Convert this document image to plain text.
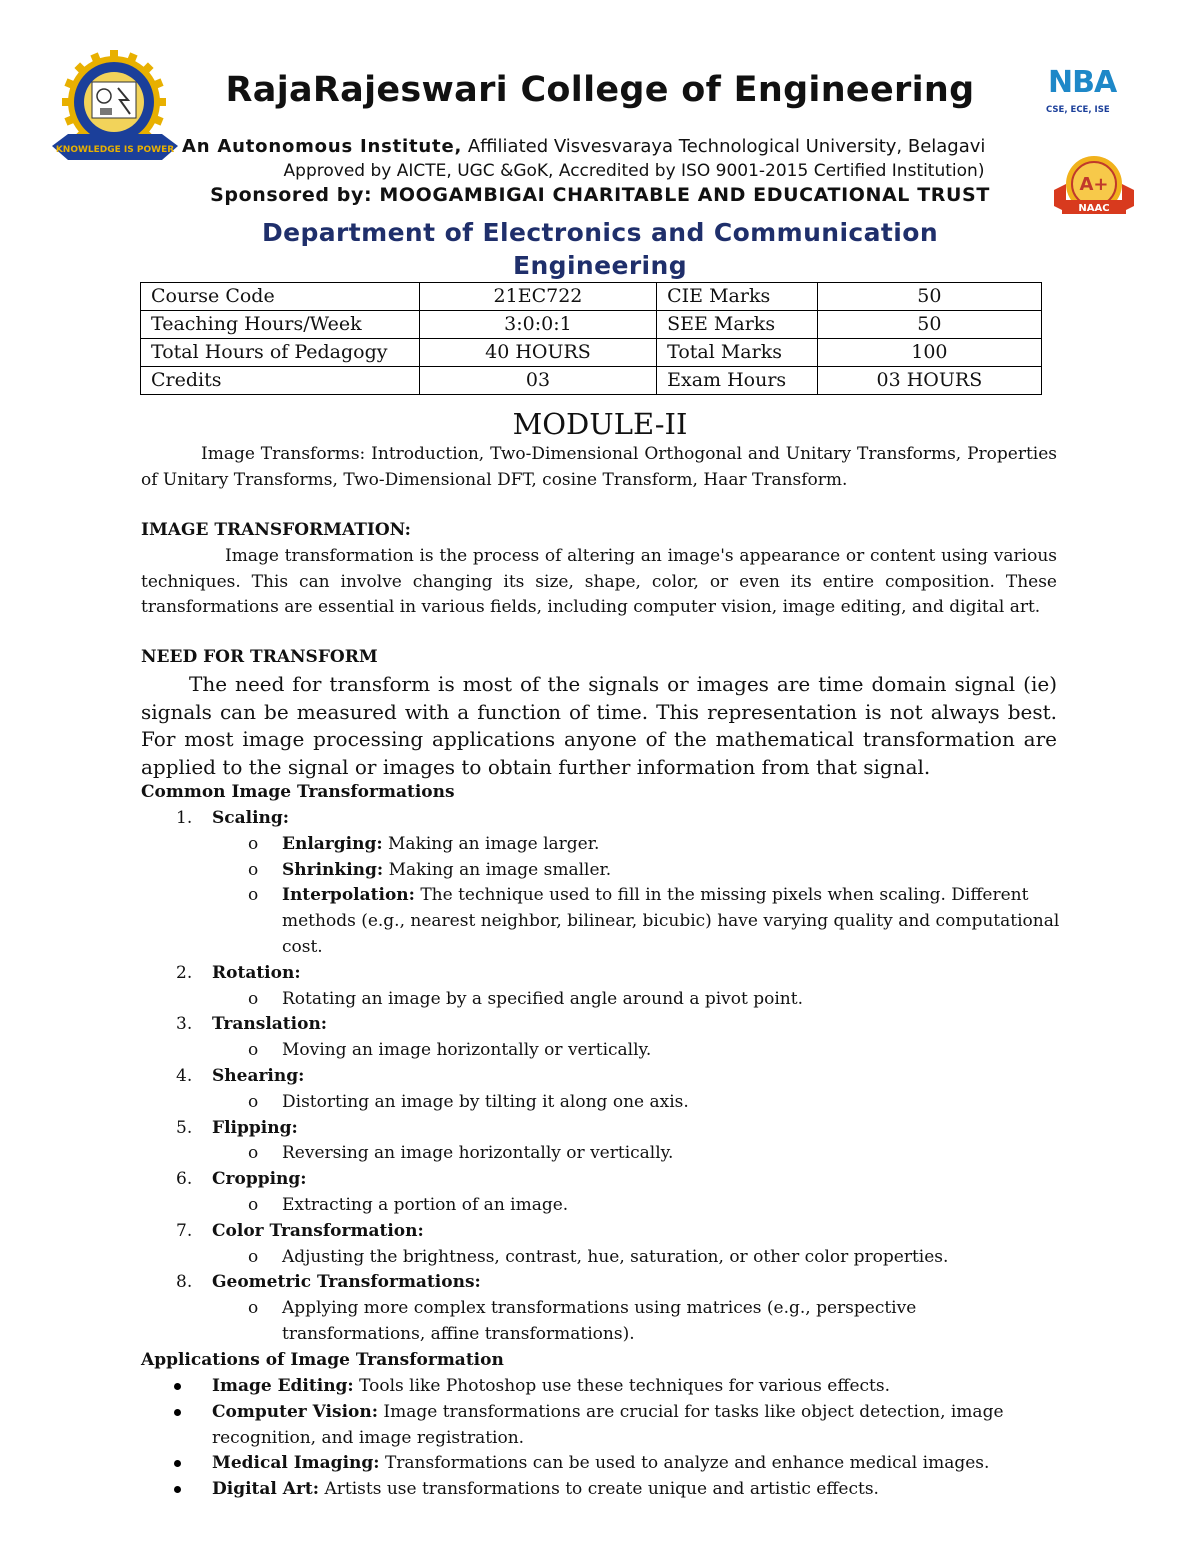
KNOWLEDGE IS POWER
NBA
CSE, ECE, ISE
A+
NAAC
RajaRajeswari College of Engineering
An Autonomous Institute, Affiliated Visvesvaraya Technological University, Belagavi
Approved by AICTE, UGC &GoK, Accredited by ISO 9001-2015 Certified Institution)
Sponsored by: MOOGAMBIGAI CHARITABLE AND EDUCATIONAL TRUST
Department of Electronics and Communication Engineering
Course Code	21EC722	CIE Marks	50
Teaching Hours/Week	3:0:0:1	SEE Marks	50
Total Hours of Pedagogy	40 HOURS	Total Marks	100
Credits	03	Exam Hours	03 HOURS
MODULE-II
Image Transforms: Introduction, Two-Dimensional Orthogonal and Unitary Transforms, Properties of Unitary Transforms, Two-Dimensional DFT, cosine Transform, Haar Transform.
IMAGE TRANSFORMATION:
Image transformation is the process of altering an image's appearance or content using various techniques. This can involve changing its size, shape, color, or even its entire composition. These transformations are essential in various fields, including computer vision, image editing, and digital art.
NEED FOR TRANSFORM
The need for transform is most of the signals or images are time domain signal (ie) signals can be measured with a function of time. This representation is not always best. For most image processing applications anyone of the mathematical transformation are applied to the signal or images to obtain further information from that signal.
Common Image Transformations
1. Scaling:
o Enlarging: Making an image larger.
o Shrinking: Making an image smaller.
o Interpolation: The technique used to fill in the missing pixels when scaling. Different methods (e.g., nearest neighbor, bilinear, bicubic) have varying quality and computational cost.
2. Rotation:
o Rotating an image by a specified angle around a pivot point.
3. Translation:
o Moving an image horizontally or vertically.
4. Shearing:
o Distorting an image by tilting it along one axis.
5. Flipping:
o Reversing an image horizontally or vertically.
6. Cropping:
o Extracting a portion of an image.
7. Color Transformation:
o Adjusting the brightness, contrast, hue, saturation, or other color properties.
8. Geometric Transformations:
o Applying more complex transformations using matrices (e.g., perspective transformations, affine transformations).
Applications of Image Transformation
Image Editing: Tools like Photoshop use these techniques for various effects.
Computer Vision: Image transformations are crucial for tasks like object detection, image recognition, and image registration.
Medical Imaging: Transformations can be used to analyze and enhance medical images.
Digital Art: Artists use transformations to create unique and artistic effects.
